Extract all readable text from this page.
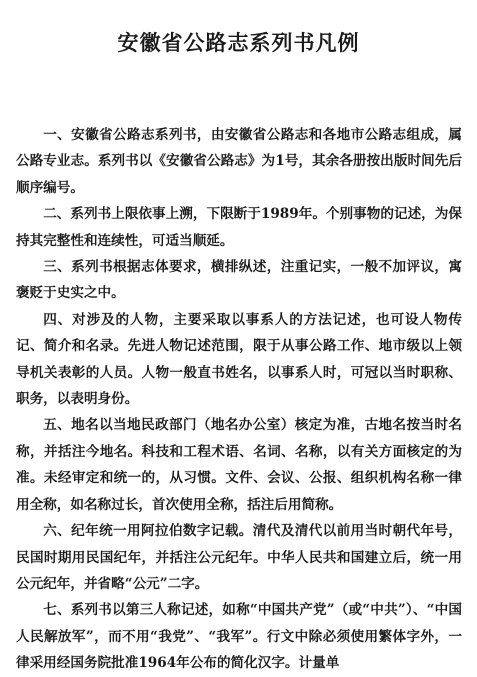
安徽省公路志系列书凡例

一、安徽省公路志系列书，由安徽省公路志和各地市公路志组成，属公路专业志。系列书以《安徽省公路志》为1号，其余各册按出版时间先后顺序编号。

二、系列书上限依事上溯，下限断于1989年。个别事物的记述，为保持其完整性和连续性，可适当顺延。

三、系列书根据志体要求，横排纵述，注重记实，一般不加评议，寓褒贬于史实之中。

四、对涉及的人物，主要采取以事系人的方法记述，也可设人物传记、简介和名录。先进人物记述范围，限于从事公路工作、地市级以上领导机关表彰的人员。人物一般直书姓名，以事系人时，可冠以当时职称、职务，以表明身份。

五、地名以当地民政部门（地名办公室）核定为准，古地名按当时名称，并括注今地名。科技和工程术语、名词、名称，以有关方面核定的为准。未经审定和统一的，从习惯。文件、会议、公报、组织机构名称一律用全称，如名称过长，首次使用全称，括注后用简称。

六、纪年统一用阿拉伯数字记载。清代及清代以前用当时朝代年号，民国时期用民国纪年，并括注公元纪年。中华人民共和国建立后，统一用公元纪年，并省略“公元”二字。

七、系列书以第三人称记述，如称“中国共产党”（或“中共”）、“中国人民解放军”，而不用“我党”、“我军”。行文中除必须使用繁体字外，一律采用经国务院批准1964年公布的简化汉字。计量单
